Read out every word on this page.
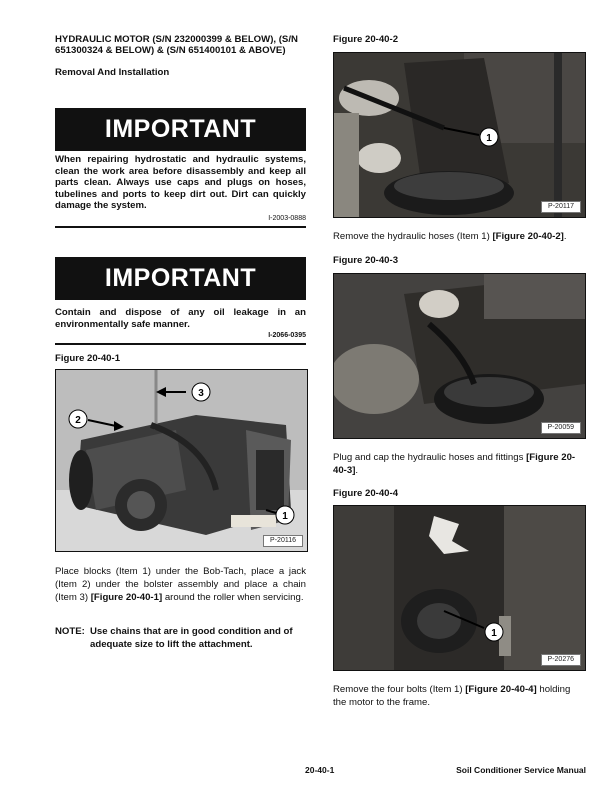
HYDRAULIC MOTOR (S/N 232000399 & BELOW), (S/N 651300324 & BELOW) & (S/N 651400101 & ABOVE)
Removal And Installation
IMPORTANT
When repairing hydrostatic and hydraulic systems, clean the work area before disassembly and keep all parts clean. Always use caps and plugs on hoses, tubelines and ports to keep dirt out. Dirt can quickly damage the system.
I-2003-0888
IMPORTANT
Contain and dispose of any oil leakage in an environmentally safe manner.
I-2066-0395
Figure 20-40-1
3
2
1
P-20116
Place blocks (Item 1) under the Bob-Tach, place a jack (Item 2) under the bolster assembly and place a chain (Item 3) [Figure 20-40-1] around the roller when servicing.
NOTE: Use chains that are in good condition and of adequate size to lift the attachment.
Figure 20-40-2
1
P-20117
Remove the hydraulic hoses (Item 1) [Figure 20-40-2].
Figure 20-40-3
P-20059
Plug and cap the hydraulic hoses and fittings [Figure 20-40-3].
Figure 20-40-4
1
P-20276
Remove the four bolts (Item 1) [Figure 20-40-4] holding the motor to the frame.
20-40-1	Soil Conditioner Service Manual
